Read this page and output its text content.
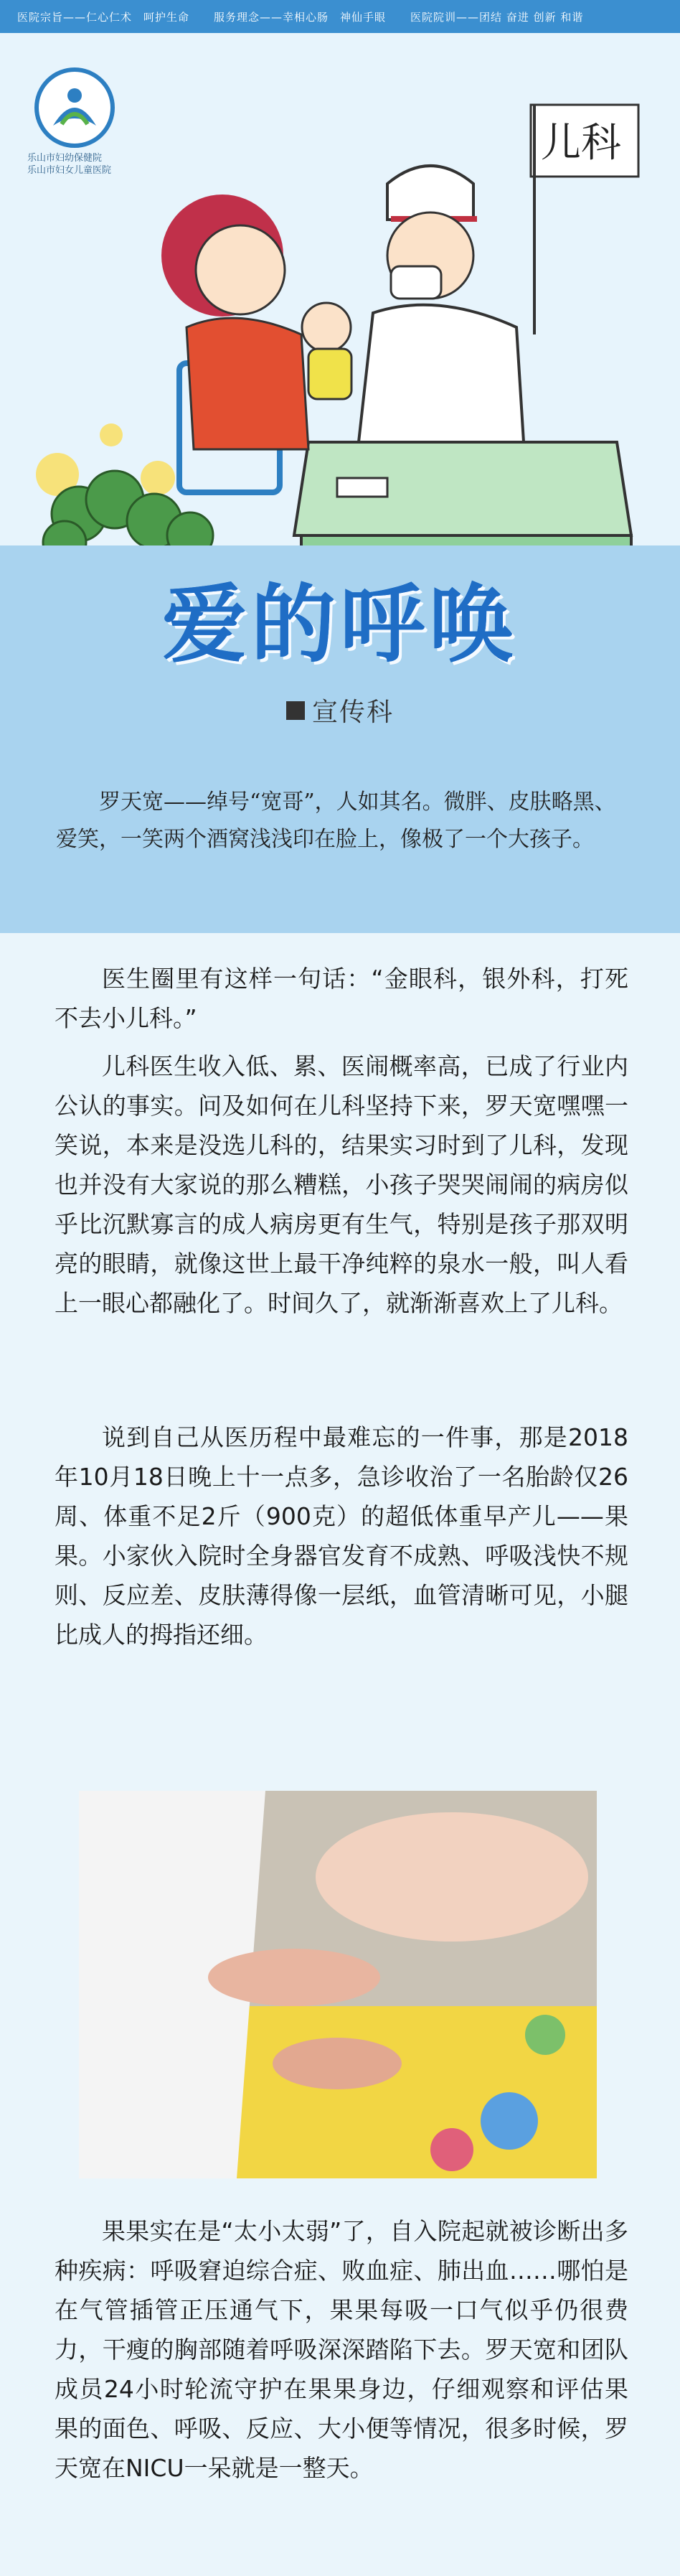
医院宗旨——仁心仁术　呵护生命 服务理念——幸相心肠　神仙手眼 医院院训——团结 奋进 创新 和谐
乐山市妇幼保健院
乐山市妇女儿童医院
儿科
爱的呼唤
宣传科
罗天宽——绰号“宽哥”，人如其名。微胖、皮肤略黑、爱笑，一笑两个酒窝浅浅印在脸上，像极了一个大孩子。
医生圈里有这样一句话：“金眼科，银外科，打死不去小儿科。”
儿科医生收入低、累、医闹概率高，已成了行业内公认的事实。问及如何在儿科坚持下来，罗天宽嘿嘿一笑说，本来是没选儿科的，结果实习时到了儿科，发现也并没有大家说的那么糟糕，小孩子哭哭闹闹的病房似乎比沉默寡言的成人病房更有生气，特别是孩子那双明亮的眼睛，就像这世上最干净纯粹的泉水一般，叫人看上一眼心都融化了。时间久了，就渐渐喜欢上了儿科。
说到自己从医历程中最难忘的一件事，那是2018年10月18日晚上十一点多，急诊收治了一名胎龄仅26周、体重不足2斤（900克）的超低体重早产儿——果果。小家伙入院时全身器官发育不成熟、呼吸浅快不规则、反应差、皮肤薄得像一层纸，血管清晰可见，小腿比成人的拇指还细。
果果实在是“太小太弱”了，自入院起就被诊断出多种疾病：呼吸窘迫综合症、败血症、肺出血……哪怕是在气管插管正压通气下，果果每吸一口气似乎仍很费力，干瘦的胸部随着呼吸深深踏陷下去。罗天宽和团队成员24小时轮流守护在果果身边，仔细观察和评估果果的面色、呼吸、反应、大小便等情况，很多时候，罗天宽在NICU一呆就是一整天。
